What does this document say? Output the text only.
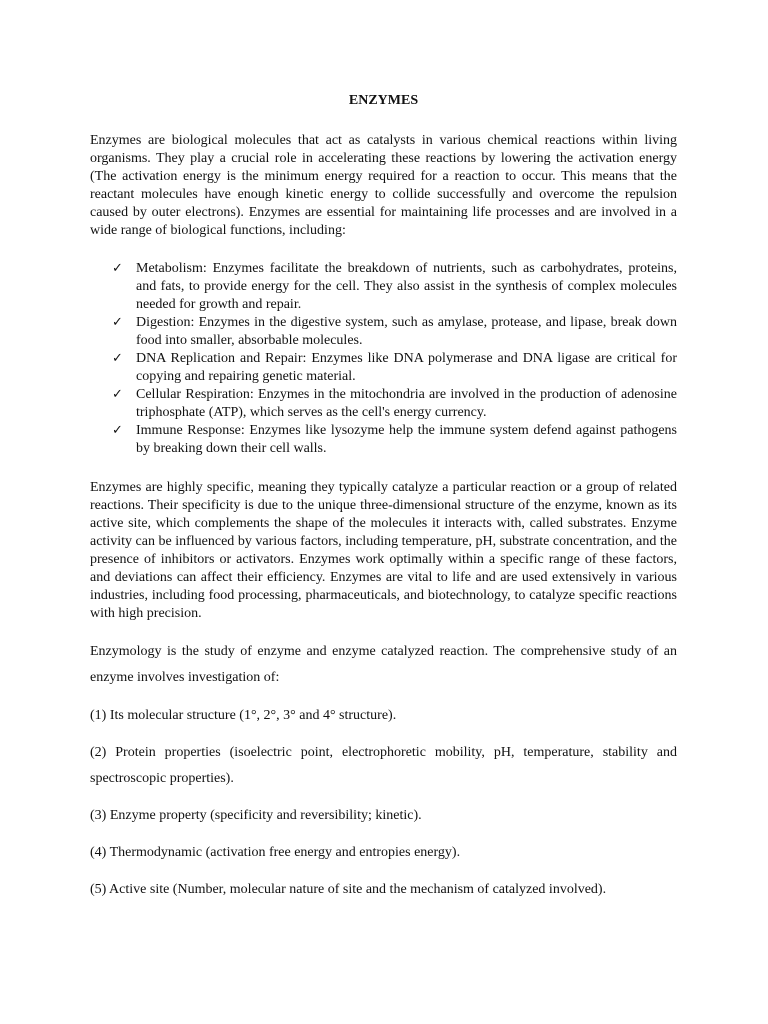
ENZYMES

Enzymes are biological molecules that act as catalysts in various chemical reactions within living organisms. They play a crucial role in accelerating these reactions by lowering the activation energy (The activation energy is the minimum energy required for a reaction to occur. This means that the reactant molecules have enough kinetic energy to collide successfully and overcome the repulsion caused by outer electrons). Enzymes are essential for maintaining life processes and are involved in a wide range of biological functions, including:

✓ Metabolism: Enzymes facilitate the breakdown of nutrients, such as carbohydrates, proteins, and fats, to provide energy for the cell. They also assist in the synthesis of complex molecules needed for growth and repair.
✓ Digestion: Enzymes in the digestive system, such as amylase, protease, and lipase, break down food into smaller, absorbable molecules.
✓ DNA Replication and Repair: Enzymes like DNA polymerase and DNA ligase are critical for copying and repairing genetic material.
✓ Cellular Respiration: Enzymes in the mitochondria are involved in the production of adenosine triphosphate (ATP), which serves as the cell's energy currency.
✓ Immune Response: Enzymes like lysozyme help the immune system defend against pathogens by breaking down their cell walls.

Enzymes are highly specific, meaning they typically catalyze a particular reaction or a group of related reactions. Their specificity is due to the unique three-dimensional structure of the enzyme, known as its active site, which complements the shape of the molecules it interacts with, called substrates. Enzyme activity can be influenced by various factors, including temperature, pH, substrate concentration, and the presence of inhibitors or activators. Enzymes work optimally within a specific range of these factors, and deviations can affect their efficiency. Enzymes are vital to life and are used extensively in various industries, including food processing, pharmaceuticals, and biotechnology, to catalyze specific reactions with high precision.

Enzymology is the study of enzyme and enzyme catalyzed reaction. The comprehensive study of an enzyme involves investigation of:

(1) Its molecular structure (1°, 2°, 3° and 4° structure).

(2) Protein properties (isoelectric point, electrophoretic mobility, pH, temperature, stability and spectroscopic properties).

(3) Enzyme property (specificity and reversibility; kinetic).

(4) Thermodynamic (activation free energy and entropies energy).

(5) Active site (Number, molecular nature of site and the mechanism of catalyzed involved).
